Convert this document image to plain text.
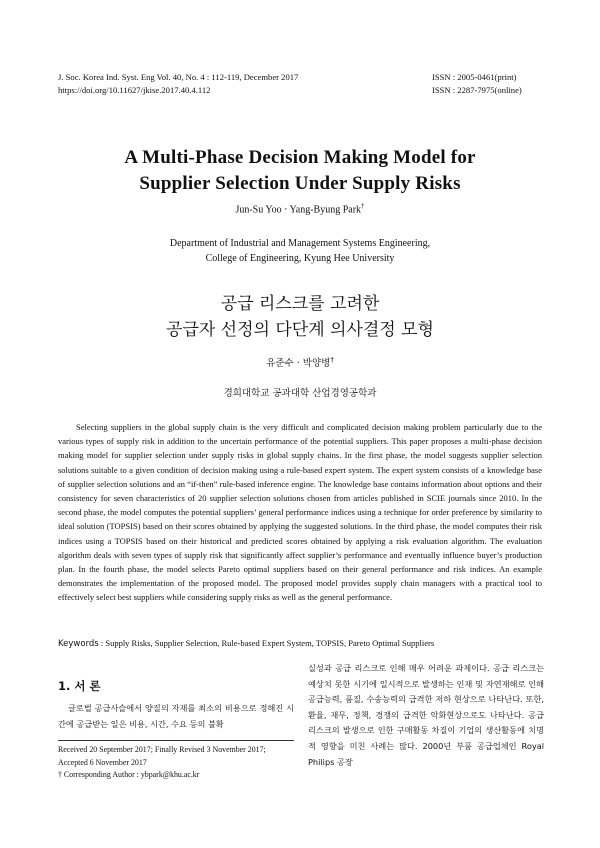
J. Soc. Korea Ind. Syst. Eng Vol. 40, No. 4 : 112-119, December 2017
https://doi.org/10.11627/jkise.2017.40.4.112
ISSN : 2005-0461(print)
ISSN : 2287-7975(online)
A Multi-Phase Decision Making Model for
Supplier Selection Under Supply Risks
Jun-Su Yoo · Yang-Byung Park†
Department of Industrial and Management Systems Engineering,
College of Engineering, Kyung Hee University
공급 리스크를 고려한
공급자 선정의 다단계 의사결정 모형
유준수 · 박양병†
경희대학교 공과대학 산업경영공학과

Selecting suppliers in the global supply chain is the very difficult and complicated decision making problem particularly due to the various types of supply risk in addition to the uncertain performance of the potential suppliers. This paper proposes a multi-phase decision making model for supplier selection under supply risks in global supply chains. In the first phase, the model suggests supplier selection solutions suitable to a given condition of decision making using a rule-based expert system. The expert system consists of a knowledge base of supplier selection solutions and an “if-then” rule-based inference engine. The knowledge base contains information about options and their consistency for seven characteristics of 20 supplier selection solutions chosen from articles published in SCIE journals since 2010. In the second phase, the model computes the potential suppliers’ general performance indices using a technique for order preference by similarity to ideal solution (TOPSIS) based on their scores obtained by applying the suggested solutions. In the third phase, the model computes their risk indices using a TOPSIS based on their historical and predicted scores obtained by applying a risk evaluation algorithm. The evaluation algorithm deals with seven types of supply risk that significantly affect supplier’s performance and eventually influence buyer’s production plan. In the fourth phase, the model selects Pareto optimal suppliers based on their general performance and risk indices. An example demonstrates the implementation of the proposed model. The proposed model provides supply chain managers with a practical tool to effectively select best suppliers while considering supply risks as well as the general performance.

Keywords : Supply Risks, Supplier Selection, Rule-based Expert System, TOPSIS, Pareto Optimal Suppliers
1. 서 론

글로벌 공급사슬에서 양질의 자재를 최소의 비용으로 정해진 시간에 공급받는 일은 비용, 시간, 수요 등의 불확

Received 20 September 2017; Finally Revised 3 November 2017;
Accepted 6 November 2017
† Corresponding Author : ybpark@khu.ac.kr

실성과 공급 리스크로 인해 매우 어려운 과제이다. 공급 리스크는 예상치 못한 시기에 일시적으로 발생하는 인재 및 자연재해로 인해 공급능력, 품질, 수송능력의 급격한 저하 현상으로 나타난다. 또한, 환율, 재무, 정책, 경쟁의 급격한 악화현상으로도 나타난다. 공급 리스크의 발생으로 인한 구매활동 차질이 기업의 생산활동에 치명적 영향을 미친 사례는 많다. 2000년 부품 공급업체인 Royal Philips 공장
